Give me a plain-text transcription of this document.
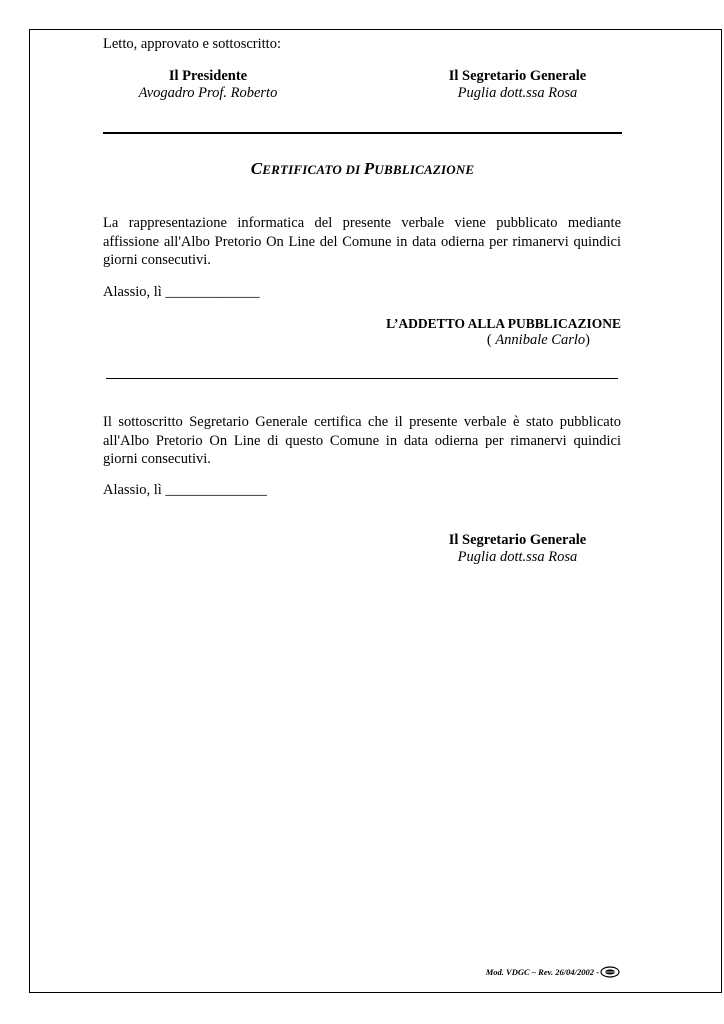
Letto, approvato e sottoscritto:
Il Presidente
Avogadro Prof. Roberto
Il Segretario Generale
Puglia dott.ssa Rosa
CERTIFICATO DI PUBBLICAZIONE
La rappresentazione informatica del presente verbale viene pubblicato mediante affissione all'Albo Pretorio On Line del Comune in data odierna per rimanervi quindici giorni consecutivi.
Alassio, lì _____________
L’ADDETTO ALLA PUBBLICAZIONE
( Annibale Carlo)
Il sottoscritto Segretario Generale certifica che il presente verbale è stato pubblicato all'Albo Pretorio On Line di questo Comune in data odierna per rimanervi quindici giorni consecutivi.
Alassio, lì ______________
Il Segretario Generale
Puglia dott.ssa Rosa
Mod. VDGC – Rev. 26/04/2002 -
